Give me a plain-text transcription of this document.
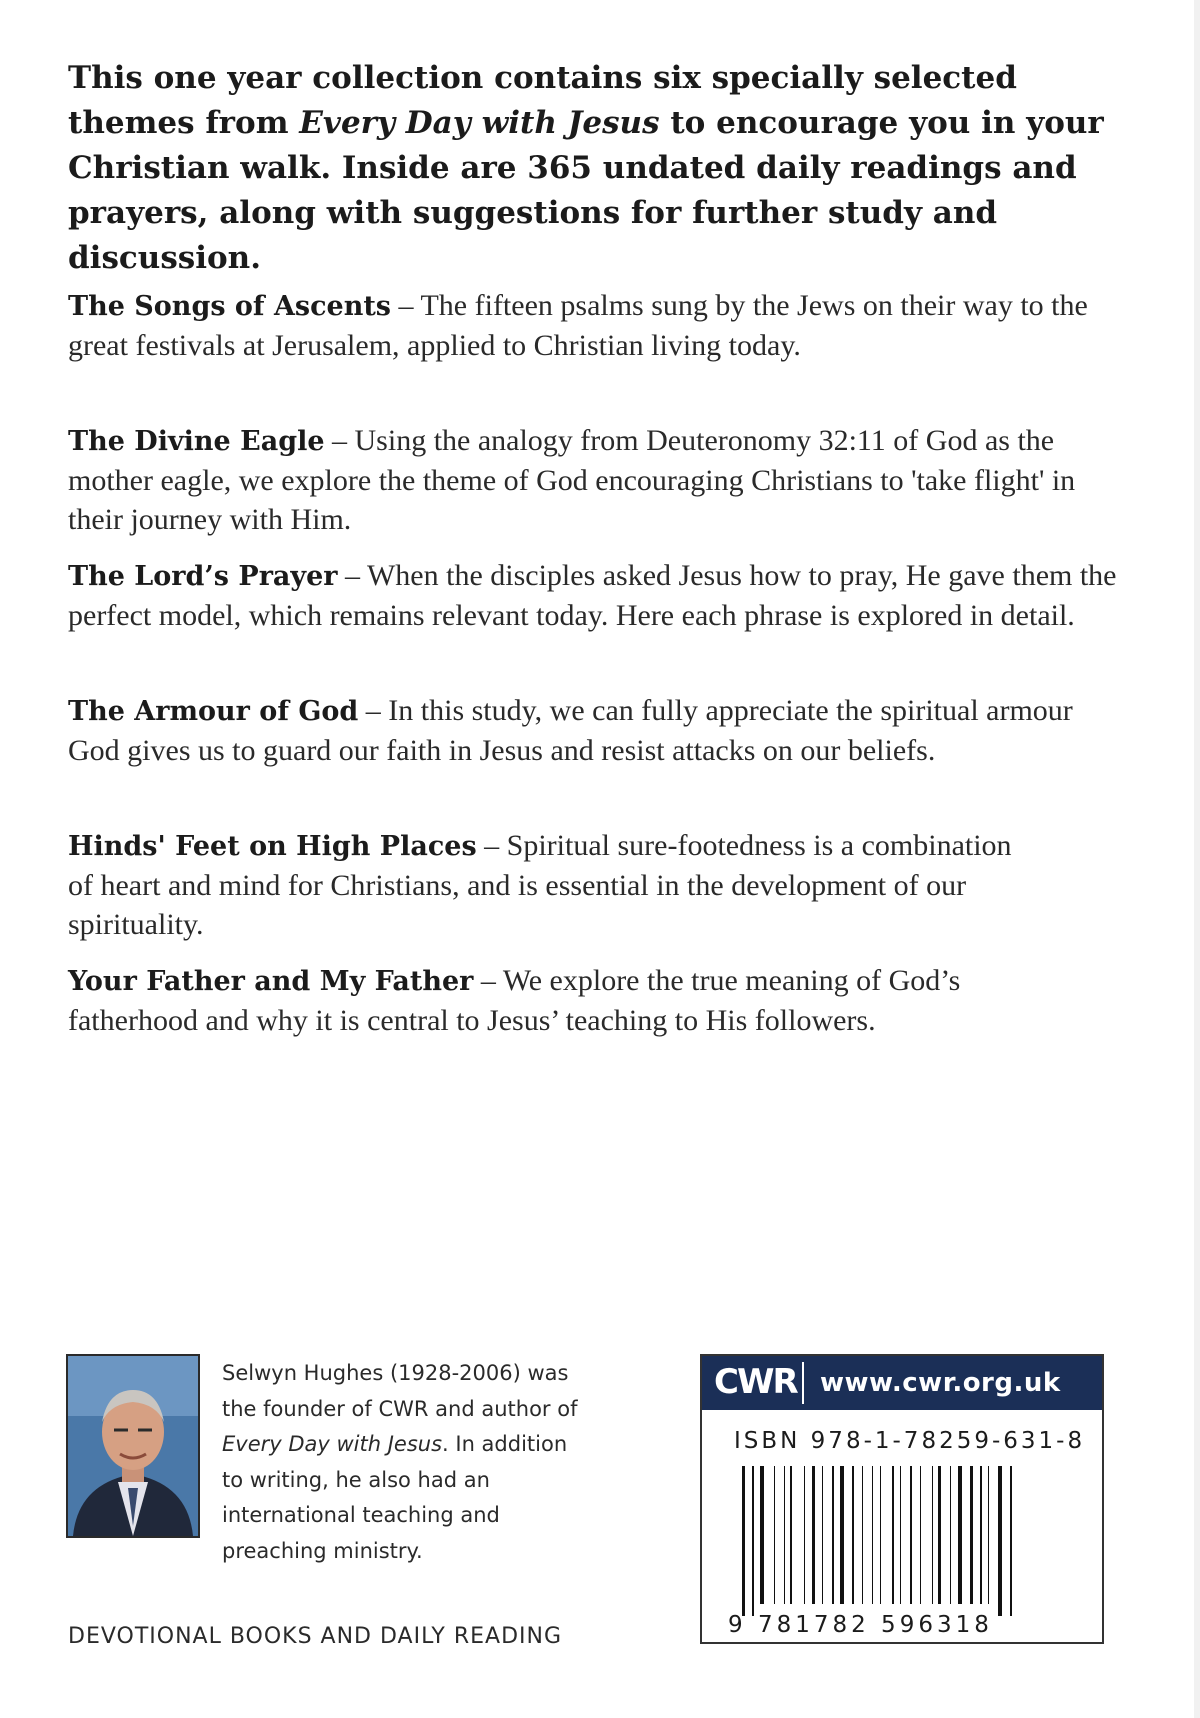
This one year collection contains six specially selected themes from Every Day with Jesus to encourage you in your Christian walk. Inside are 365 undated daily readings and prayers, along with suggestions for further study and discussion.

The Songs of Ascents – The fifteen psalms sung by the Jews on their way to the great festivals at Jerusalem, applied to Christian living today.

The Divine Eagle – Using the analogy from Deuteronomy 32:11 of God as the mother eagle, we explore the theme of God encouraging Christians to 'take flight' in their journey with Him.

The Lord’s Prayer – When the disciples asked Jesus how to pray, He gave them the perfect model, which remains relevant today. Here each phrase is explored in detail.

The Armour of God – In this study, we can fully appreciate the spiritual armour God gives us to guard our faith in Jesus and resist attacks on our beliefs.

Hinds' Feet on High Places – Spiritual sure-footedness is a combination of heart and mind for Christians, and is essential in the development of our spirituality.

Your Father and My Father – We explore the true meaning of God’s fatherhood and why it is central to Jesus’ teaching to His followers.

Selwyn Hughes (1928-2006) was the founder of CWR and author of Every Day with Jesus. In addition to writing, he also had an international teaching and preaching ministry.

DEVOTIONAL BOOKS AND DAILY READING

CWR www.cwr.org.uk
ISBN 978-1-78259-631-8
9 781782 596318
